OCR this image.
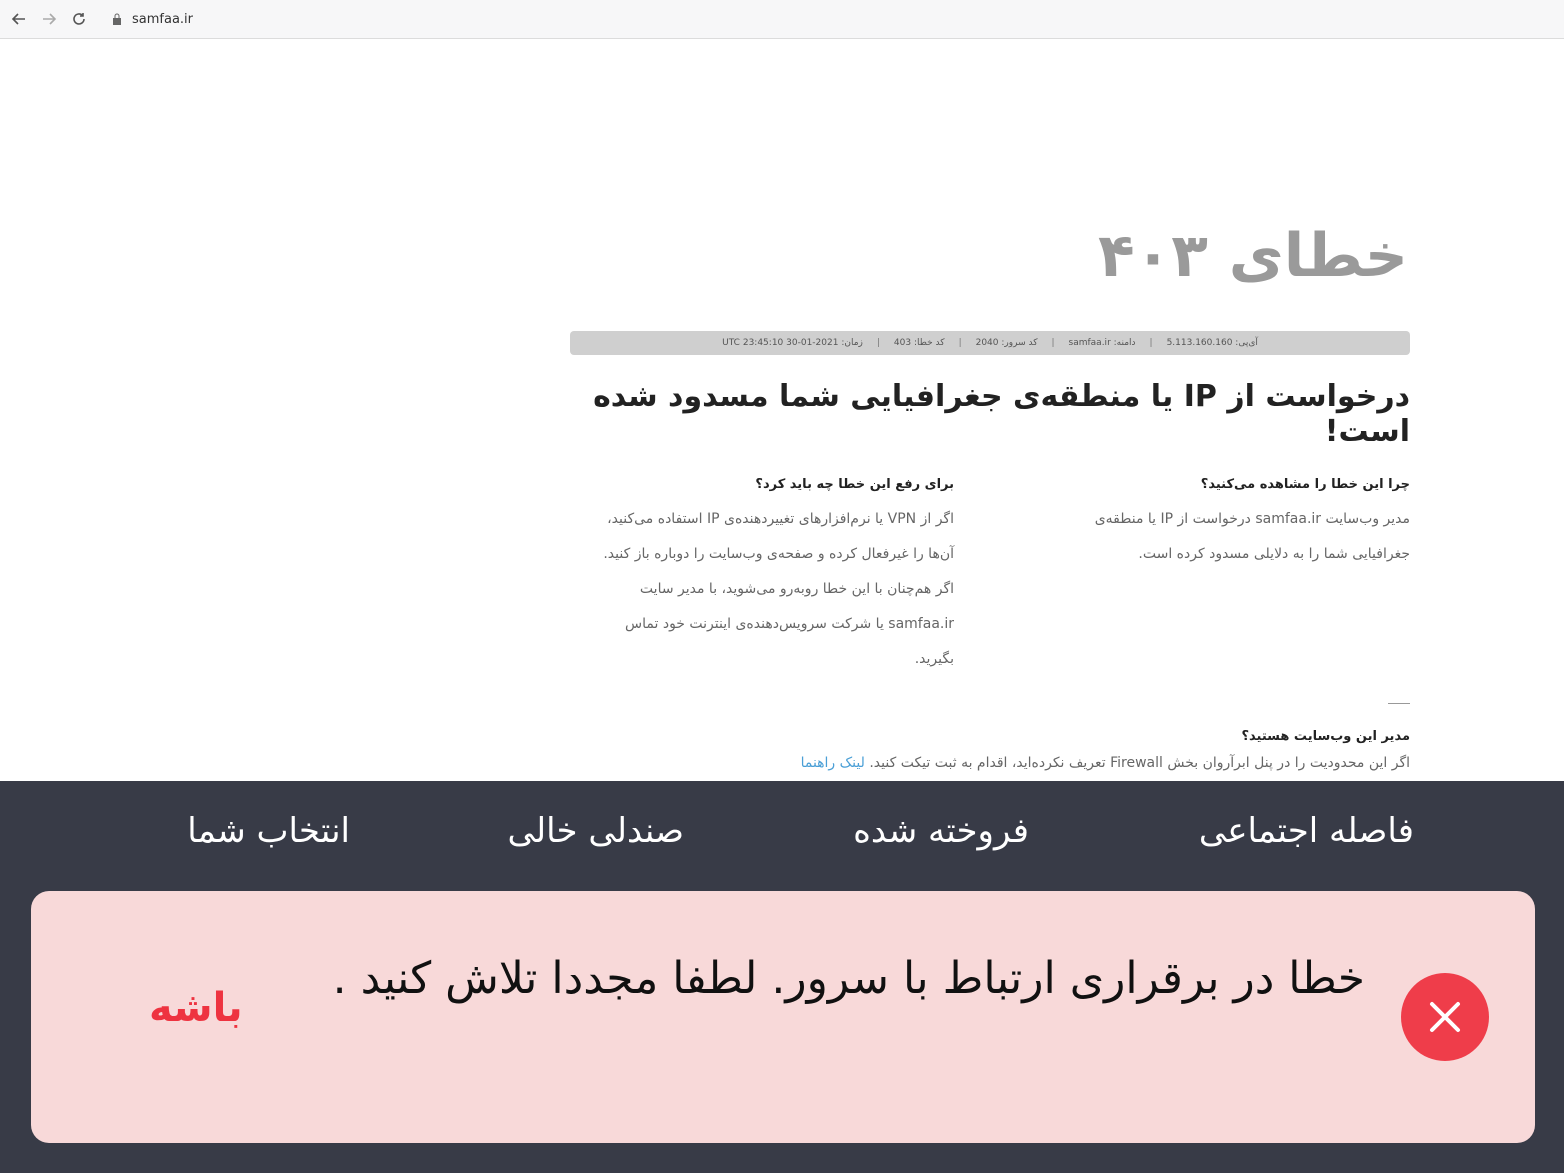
samfaa.ir
خطای ۴۰۳
آی‌پی: 5.113.160.160
|
دامنه: samfaa.ir
|
کد سرور: 2040
|
کد خطا: 403
|
زمان: 2021-01-30 23:45:10 UTC
درخواست از IP یا منطقه‌ی جغرافیایی شما مسدود شده است!
چرا این خطا را مشاهده می‌کنید؟

مدیر وب‌سایت samfaa.ir درخواست از IP یا منطقه‌ی جغرافیایی شما را به دلایلی مسدود کرده است.

برای رفع این خطا چه باید کرد؟

اگر از VPN یا نرم‌افزارهای تغییردهنده‌ی IP استفاده می‌کنید، آن‌ها را غیرفعال کرده و صفحه‌ی وب‌سایت را دوباره باز کنید. اگر هم‌چنان با این خطا روبه‌رو می‌شوید، با مدیر سایت samfaa.ir یا شرکت سرویس‌دهنده‌ی اینترنت خود تماس بگیرید.

مدیر این وب‌سایت هستید؟
اگر این محدودیت را در پنل ابرآروان بخش Firewall تعریف نکرده‌اید، اقدام به ثبت تیکت کنید. لینک راهنما
فاصله اجتماعی
فروخته شده
صندلی خالی
انتخاب شما
خطا در برقراری ارتباط با سرور. لطفا مجددا تلاش کنید .
باشه
